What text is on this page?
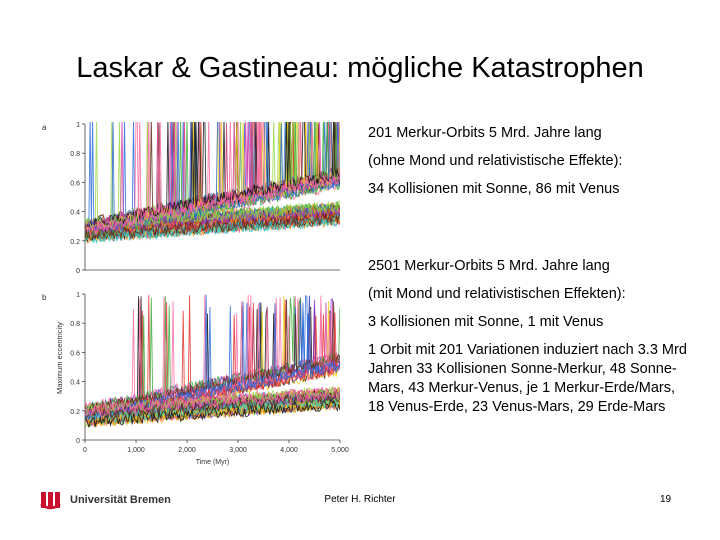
Laskar & Gastineau: mögliche Katastrophen
a
0
0.2
0.4
0.6
0.8
1
b
0
0.2
0.4
0.6
0.8
1
0	1,000	2,000	3,000	4,000	5,000
Time (Myr)
Maximum eccentricity

201 Merkur-Orbits 5 Mrd. Jahre lang

(ohne Mond und relativistische Effekte):

34 Kollisionen mit Sonne, 86 mit Venus

2501 Merkur-Orbits 5 Mrd. Jahre lang

(mit Mond und relativistischen Effekten):

3 Kollisionen mit Sonne, 1 mit Venus

1 Orbit mit 201 Variationen induziert nach 3.3 Mrd Jahren 33 Kollisionen Sonne-Merkur, 48 Sonne-Mars, 43 Merkur-Venus, je 1 Merkur-Erde/Mars, 18 Venus-Erde, 23 Venus-Mars, 29 Erde-Mars

Universität Bremen	Peter H. Richter	19
